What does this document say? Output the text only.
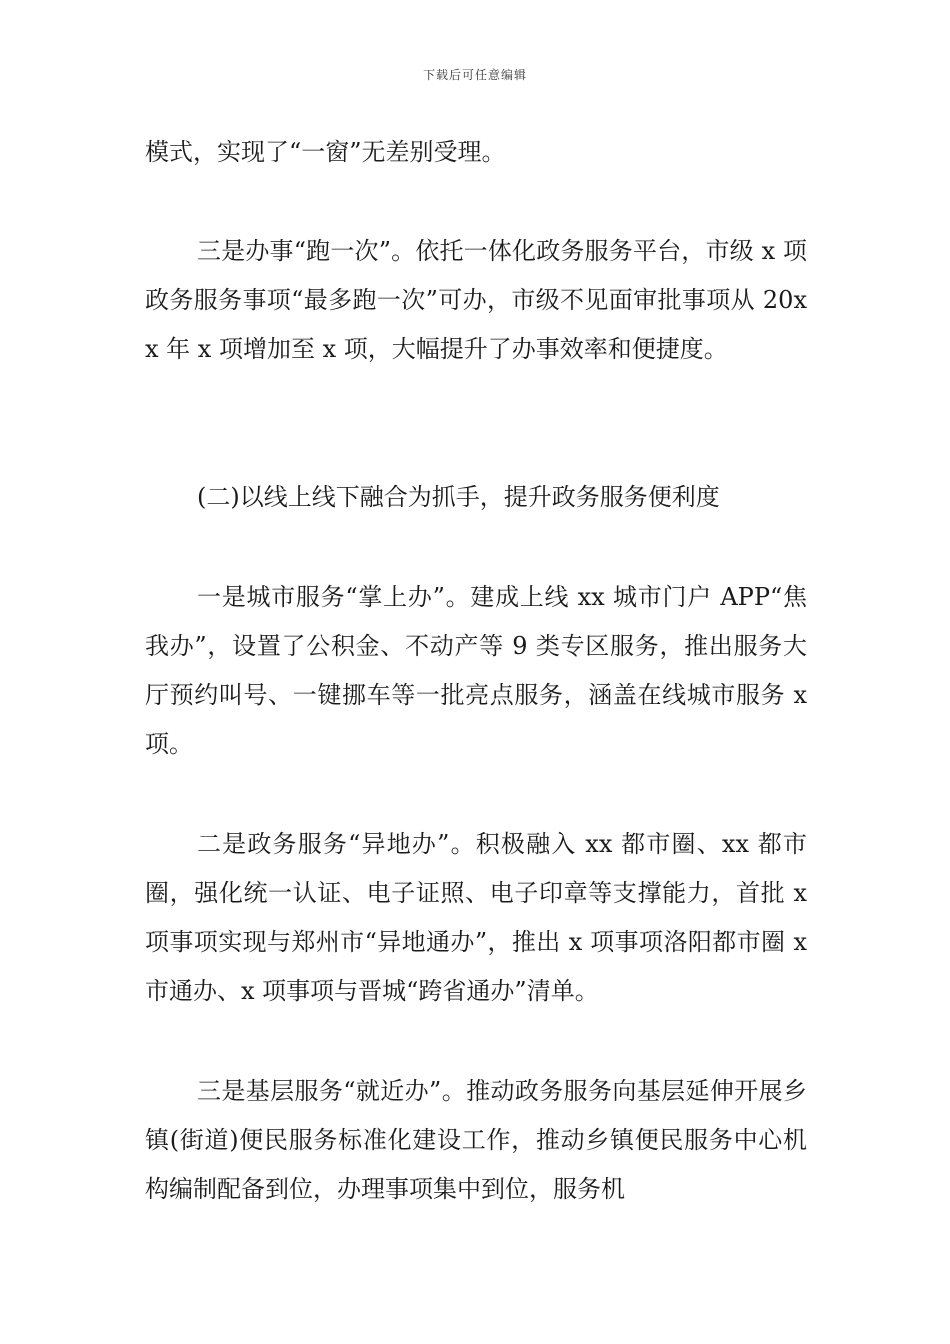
下载后可任意编辑

模式，实现了“一窗”无差别受理。

三是办事“跑一次”。依托一体化政务服务平台，市级 x 项政务服务事项“最多跑一次”可办，市级不见面审批事项从 20xx 年 x 项增加至 x 项，大幅提升了办事效率和便捷度。

(二)以线上线下融合为抓手，提升政务服务便利度

一是城市服务“掌上办”。建成上线 xx 城市门户 APP“焦我办”，设置了公积金、不动产等 9 类专区服务，推出服务大厅预约叫号、一键挪车等一批亮点服务，涵盖在线城市服务 x 项。

二是政务服务“异地办”。积极融入 xx 都市圈、xx 都市圈，强化统一认证、电子证照、电子印章等支撑能力，首批 x 项事项实现与郑州市“异地通办”，推出 x 项事项洛阳都市圈 x 市通办、x 项事项与晋城“跨省通办”清单。

三是基层服务“就近办”。推动政务服务向基层延伸开展乡镇(街道)便民服务标准化建设工作，推动乡镇便民服务中心机构编制配备到位，办理事项集中到位，服务机
